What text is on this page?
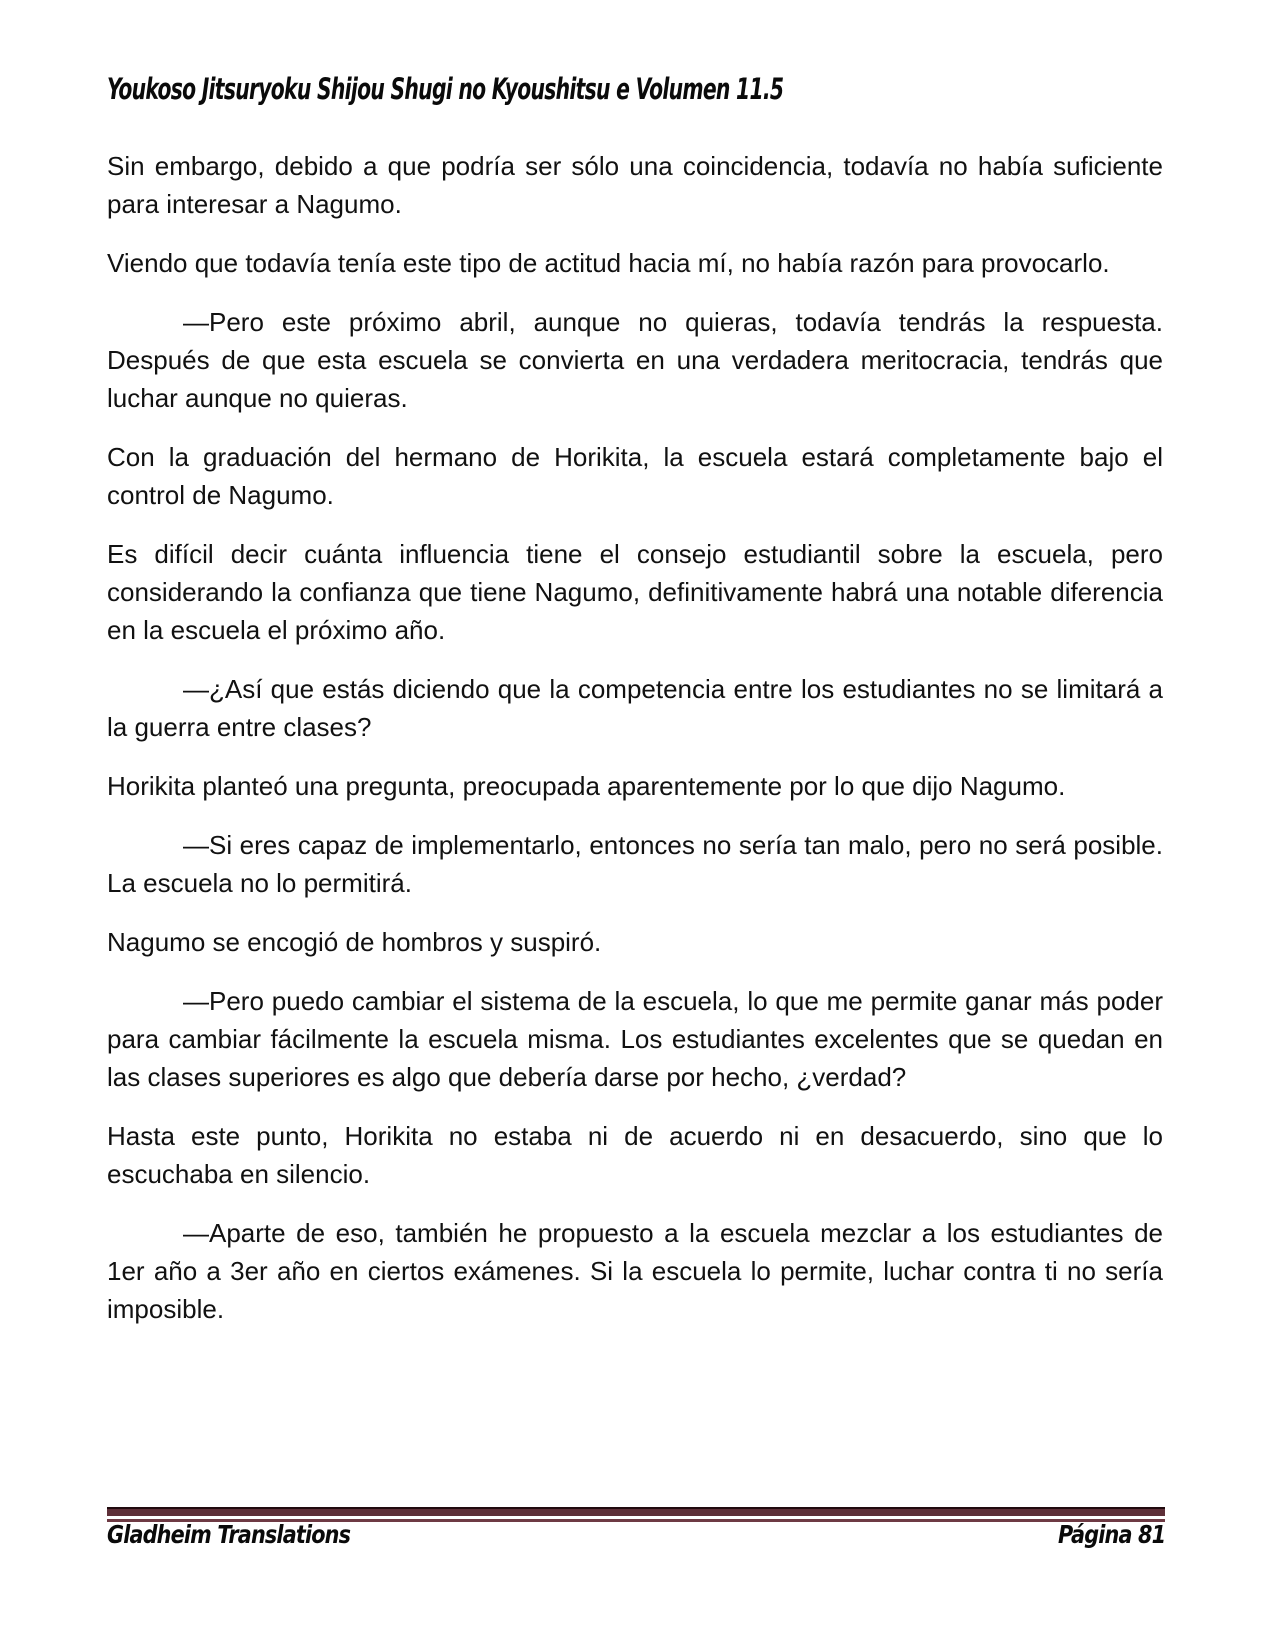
Youkoso Jitsuryoku Shijou Shugi no Kyoushitsu e Volumen 11.5

Sin embargo, debido a que podría ser sólo una coincidencia, todavía no había suficiente para interesar a Nagumo.

Viendo que todavía tenía este tipo de actitud hacia mí, no había razón para provocarlo.

—Pero este próximo abril, aunque no quieras, todavía tendrás la respuesta. Después de que esta escuela se convierta en una verdadera meritocracia, tendrás que luchar aunque no quieras.

Con la graduación del hermano de Horikita, la escuela estará completamente bajo el control de Nagumo.

Es difícil decir cuánta influencia tiene el consejo estudiantil sobre la escuela, pero considerando la confianza que tiene Nagumo, definitivamente habrá una notable diferencia en la escuela el próximo año.

—¿Así que estás diciendo que la competencia entre los estudiantes no se limitará a la guerra entre clases?

Horikita planteó una pregunta, preocupada aparentemente por lo que dijo Nagumo.

—Si eres capaz de implementarlo, entonces no sería tan malo, pero no será posible. La escuela no lo permitirá.

Nagumo se encogió de hombros y suspiró.

—Pero puedo cambiar el sistema de la escuela, lo que me permite ganar más poder para cambiar fácilmente la escuela misma. Los estudiantes excelentes que se quedan en las clases superiores es algo que debería darse por hecho, ¿verdad?

Hasta este punto, Horikita no estaba ni de acuerdo ni en desacuerdo, sino que lo escuchaba en silencio.

—Aparte de eso, también he propuesto a la escuela mezclar a los estudiantes de 1er año a 3er año en ciertos exámenes. Si la escuela lo permite, luchar contra ti no sería imposible.

Gladheim Translations	Página 81
